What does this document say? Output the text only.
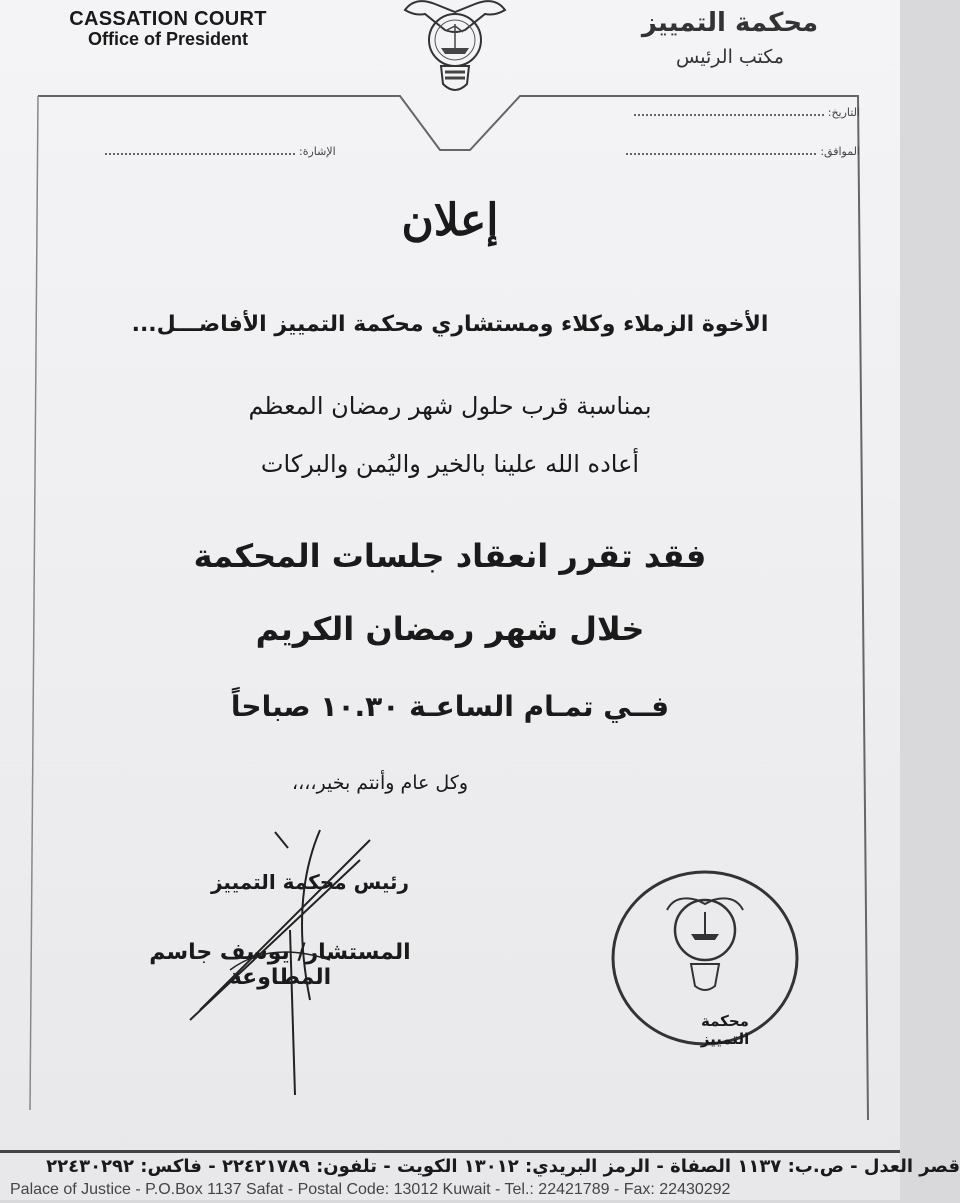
CASSATION COURT
Office of President
محكمة التمييز
مكتب الرئيس
التاريخ:
الموافق:
الإشارة:
إعلان
الأخوة الزملاء وكلاء ومستشاري محكمة التمييز الأفاضـــل...
بمناسبة قرب حلول شهر رمضان المعظم
أعاده الله علينا بالخير واليُمن والبركات
فقد تقرر انعقاد جلسات المحكمة
خلال شهر رمضان الكريم
فــي تمـام الساعـة ١٠.٣٠ صباحاً
وكل عام وأنتم بخير،،،،
رئيس محكمة التمييز
المستشار/ يوسف جاسم المطاوعة
محكمة التمييز
قصر العدل - ص.ب: ١١٣٧ الصفاة - الرمز البريدي: ١٣٠١٢ الكويت - تلفون: ٢٢٤٢١٧٨٩ - فاكس: ٢٢٤٣٠٢٩٢
Palace of Justice - P.O.Box 1137 Safat - Postal Code: 13012 Kuwait - Tel.: 22421789 - Fax: 22430292
